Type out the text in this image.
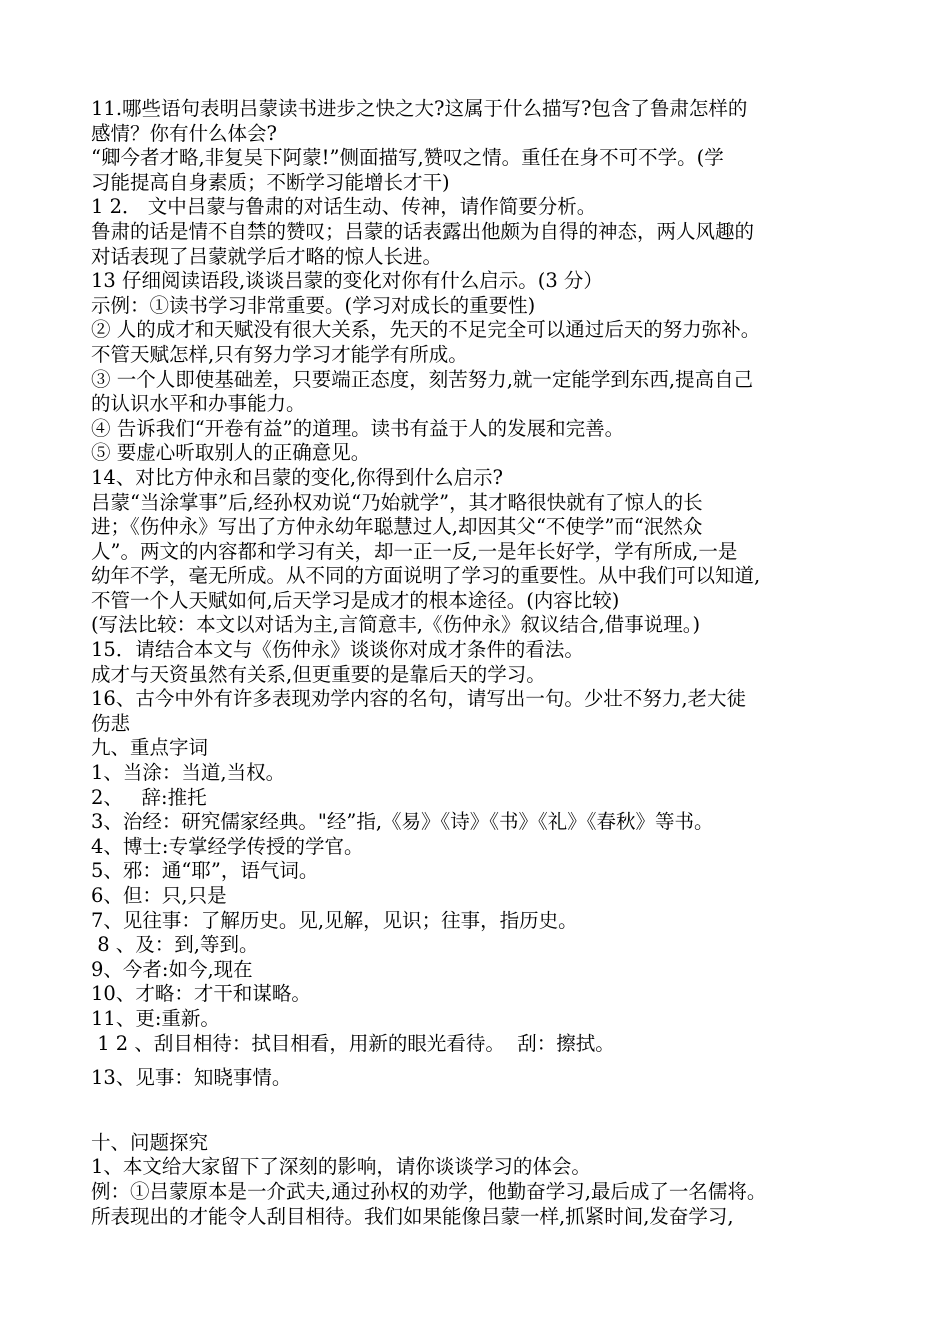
11.哪些语句表明吕蒙读书进步之快之大?这属于什么描写?包含了鲁肃怎样的
感情？你有什么体会?
“卿今者才略,非复吴下阿蒙!”侧面描写,赞叹之情。重任在身不可不学。(学
习能提高自身素质；不断学习能增长才干)
1 2． 文中吕蒙与鲁肃的对话生动、传神，请作简要分析。
鲁肃的话是情不自禁的赞叹；吕蒙的话表露出他颇为自得的神态，两人风趣的
对话表现了吕蒙就学后才略的惊人长进。
13 仔细阅读语段,谈谈吕蒙的变化对你有什么启示。(3 分）
示例：①读书学习非常重要。(学习对成长的重要性)
② 人的成才和天赋没有很大关系，先天的不足完全可以通过后天的努力弥补。
不管天赋怎样,只有努力学习才能学有所成。
③ 一个人即使基础差，只要端正态度，刻苦努力,就一定能学到东西,提高自己
的认识水平和办事能力。
④ 告诉我们“开卷有益”的道理。读书有益于人的发展和完善。
⑤ 要虚心听取别人的正确意见。
14、对比方仲永和吕蒙的变化,你得到什么启示?
吕蒙“当涂掌事”后,经孙权劝说“乃始就学”，其才略很快就有了惊人的长
进；《伤仲永》写出了方仲永幼年聪慧过人,却因其父“不使学”而“泯然众
人”。两文的内容都和学习有关，却一正一反,一是年长好学，学有所成,一是
幼年不学，毫无所成。从不同的方面说明了学习的重要性。从中我们可以知道,
不管一个人天赋如何,后天学习是成才的根本途径。(内容比较)
(写法比较：本文以对话为主,言简意丰,《伤仲永》叙议结合,借事说理。)
15．请结合本文与《伤仲永》谈谈你对成才条件的看法。
成才与天资虽然有关系,但更重要的是靠后天的学习。
16、古今中外有许多表现劝学内容的名句，请写出一句。少壮不努力,老大徒
伤悲
九、重点字词
1、当涂：当道,当权。
2、   辞:推托
3、治经：研究儒家经典。"经”指,《易》《诗》《书》《礼》《春秋》等书。
4、博士:专掌经学传授的学官。
5、邪：通“耶”，语气词。
6、但：只,只是
7、见往事：了解历史。见,见解，见识；往事，指历史。
8 、及：到,等到。
9、今者:如今,现在
10、才略：才干和谋略。
11、更:重新。
1 2 、刮目相待：拭目相看，用新的眼光看待。  刮：擦拭。
13、见事：知晓事情。
十、问题探究
1、本文给大家留下了深刻的影响，请你谈谈学习的体会。
例：①吕蒙原本是一介武夫,通过孙权的劝学，他勤奋学习,最后成了一名儒将。
所表现出的才能令人刮目相待。我们如果能像吕蒙一样,抓紧时间,发奋学习,
